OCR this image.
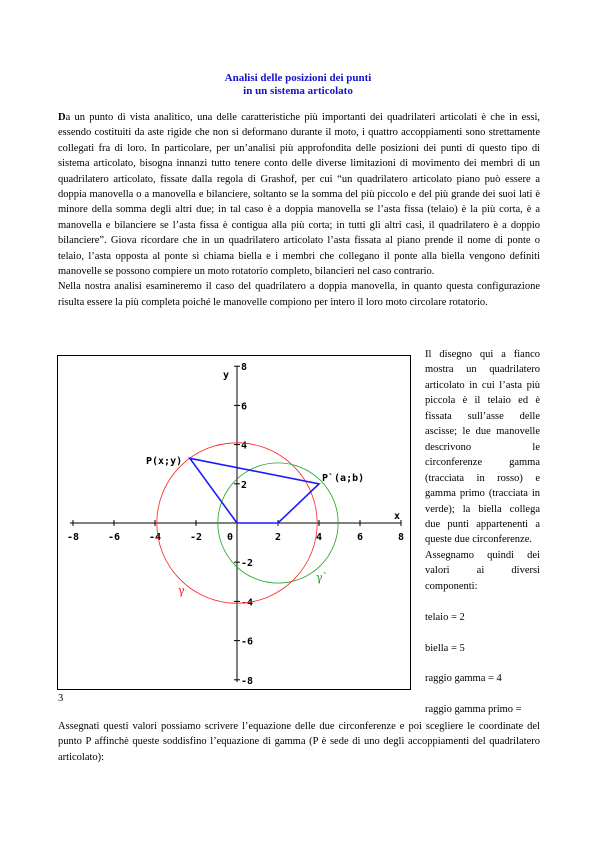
Analisi delle posizioni dei punti
in un sistema articolato

Da un punto di vista analitico, una delle caratteristiche più importanti dei quadrilateri articolati è che in essi, essendo costituiti da aste rigide che non si deformano durante il moto, i quattro accoppiamenti sono strettamente collegati fra di loro. In particolare, per un’analisi più approfondita delle posizioni dei punti di questo tipo di sistema articolato, bisogna innanzi tutto tenere conto delle diverse limitazioni di movimento dei membri di un quadrilatero articolato, fissate dalla regola di Grashof, per cui “un quadrilatero articolato piano può essere a doppia manovella o a manovella e bilanciere, soltanto se la somma del più piccolo e del più grande dei suoi lati è minore della somma degli altri due; in tal caso è a doppia manovella se l’asta fissa (telaio) è la più corta, è a manovella e bilanciere se l’asta fissa è contigua alla più corta; in tutti gli altri casi, il quadrilatero è a doppio bilanciere”. Giova ricordare che in un quadrilatero articolato l’asta fissata al piano prende il nome di ponte o telaio, l’asta opposta al ponte si chiama biella e i membri che collegano il ponte alla biella vengono definiti manovelle se possono compiere un moto rotatorio completo, bilancieri nel caso contrario.

Nella nostra analisi esamineremo il caso del quadrilatero a doppia manovella, in quanto questa configurazione risulta essere la più completa poiché le manovelle compiono per intero il loro moto circolare rotatorio.

-8	-6	-4	-2 0	2	4	6	8
8
6
4
2
-2
-4
-6
-8
P(x;y)
P`(a;b)
γ
γ`
x
y

Il disegno qui a fianco mostra un quadrilatero articolato in cui l’asta più piccola è il telaio ed è fissata sull’asse delle ascisse; le due manovelle descrivono le circonferenze gamma (tracciata in rosso) e gamma primo (tracciata in verde); la biella collega due punti appartenenti a queste due circonferenze.

Assegnamo quindi dei valori ai diversi componenti:

telaio = 2

biella = 5

raggio gamma = 4

raggio gamma primo =

3

Assegnati questi valori possiamo scrivere l’equazione delle due circonferenze e poi scegliere le coordinate del punto P affinchè queste soddisfino l’equazione di gamma (P è sede di uno degli accoppiamenti del quadrilatero articolato):
